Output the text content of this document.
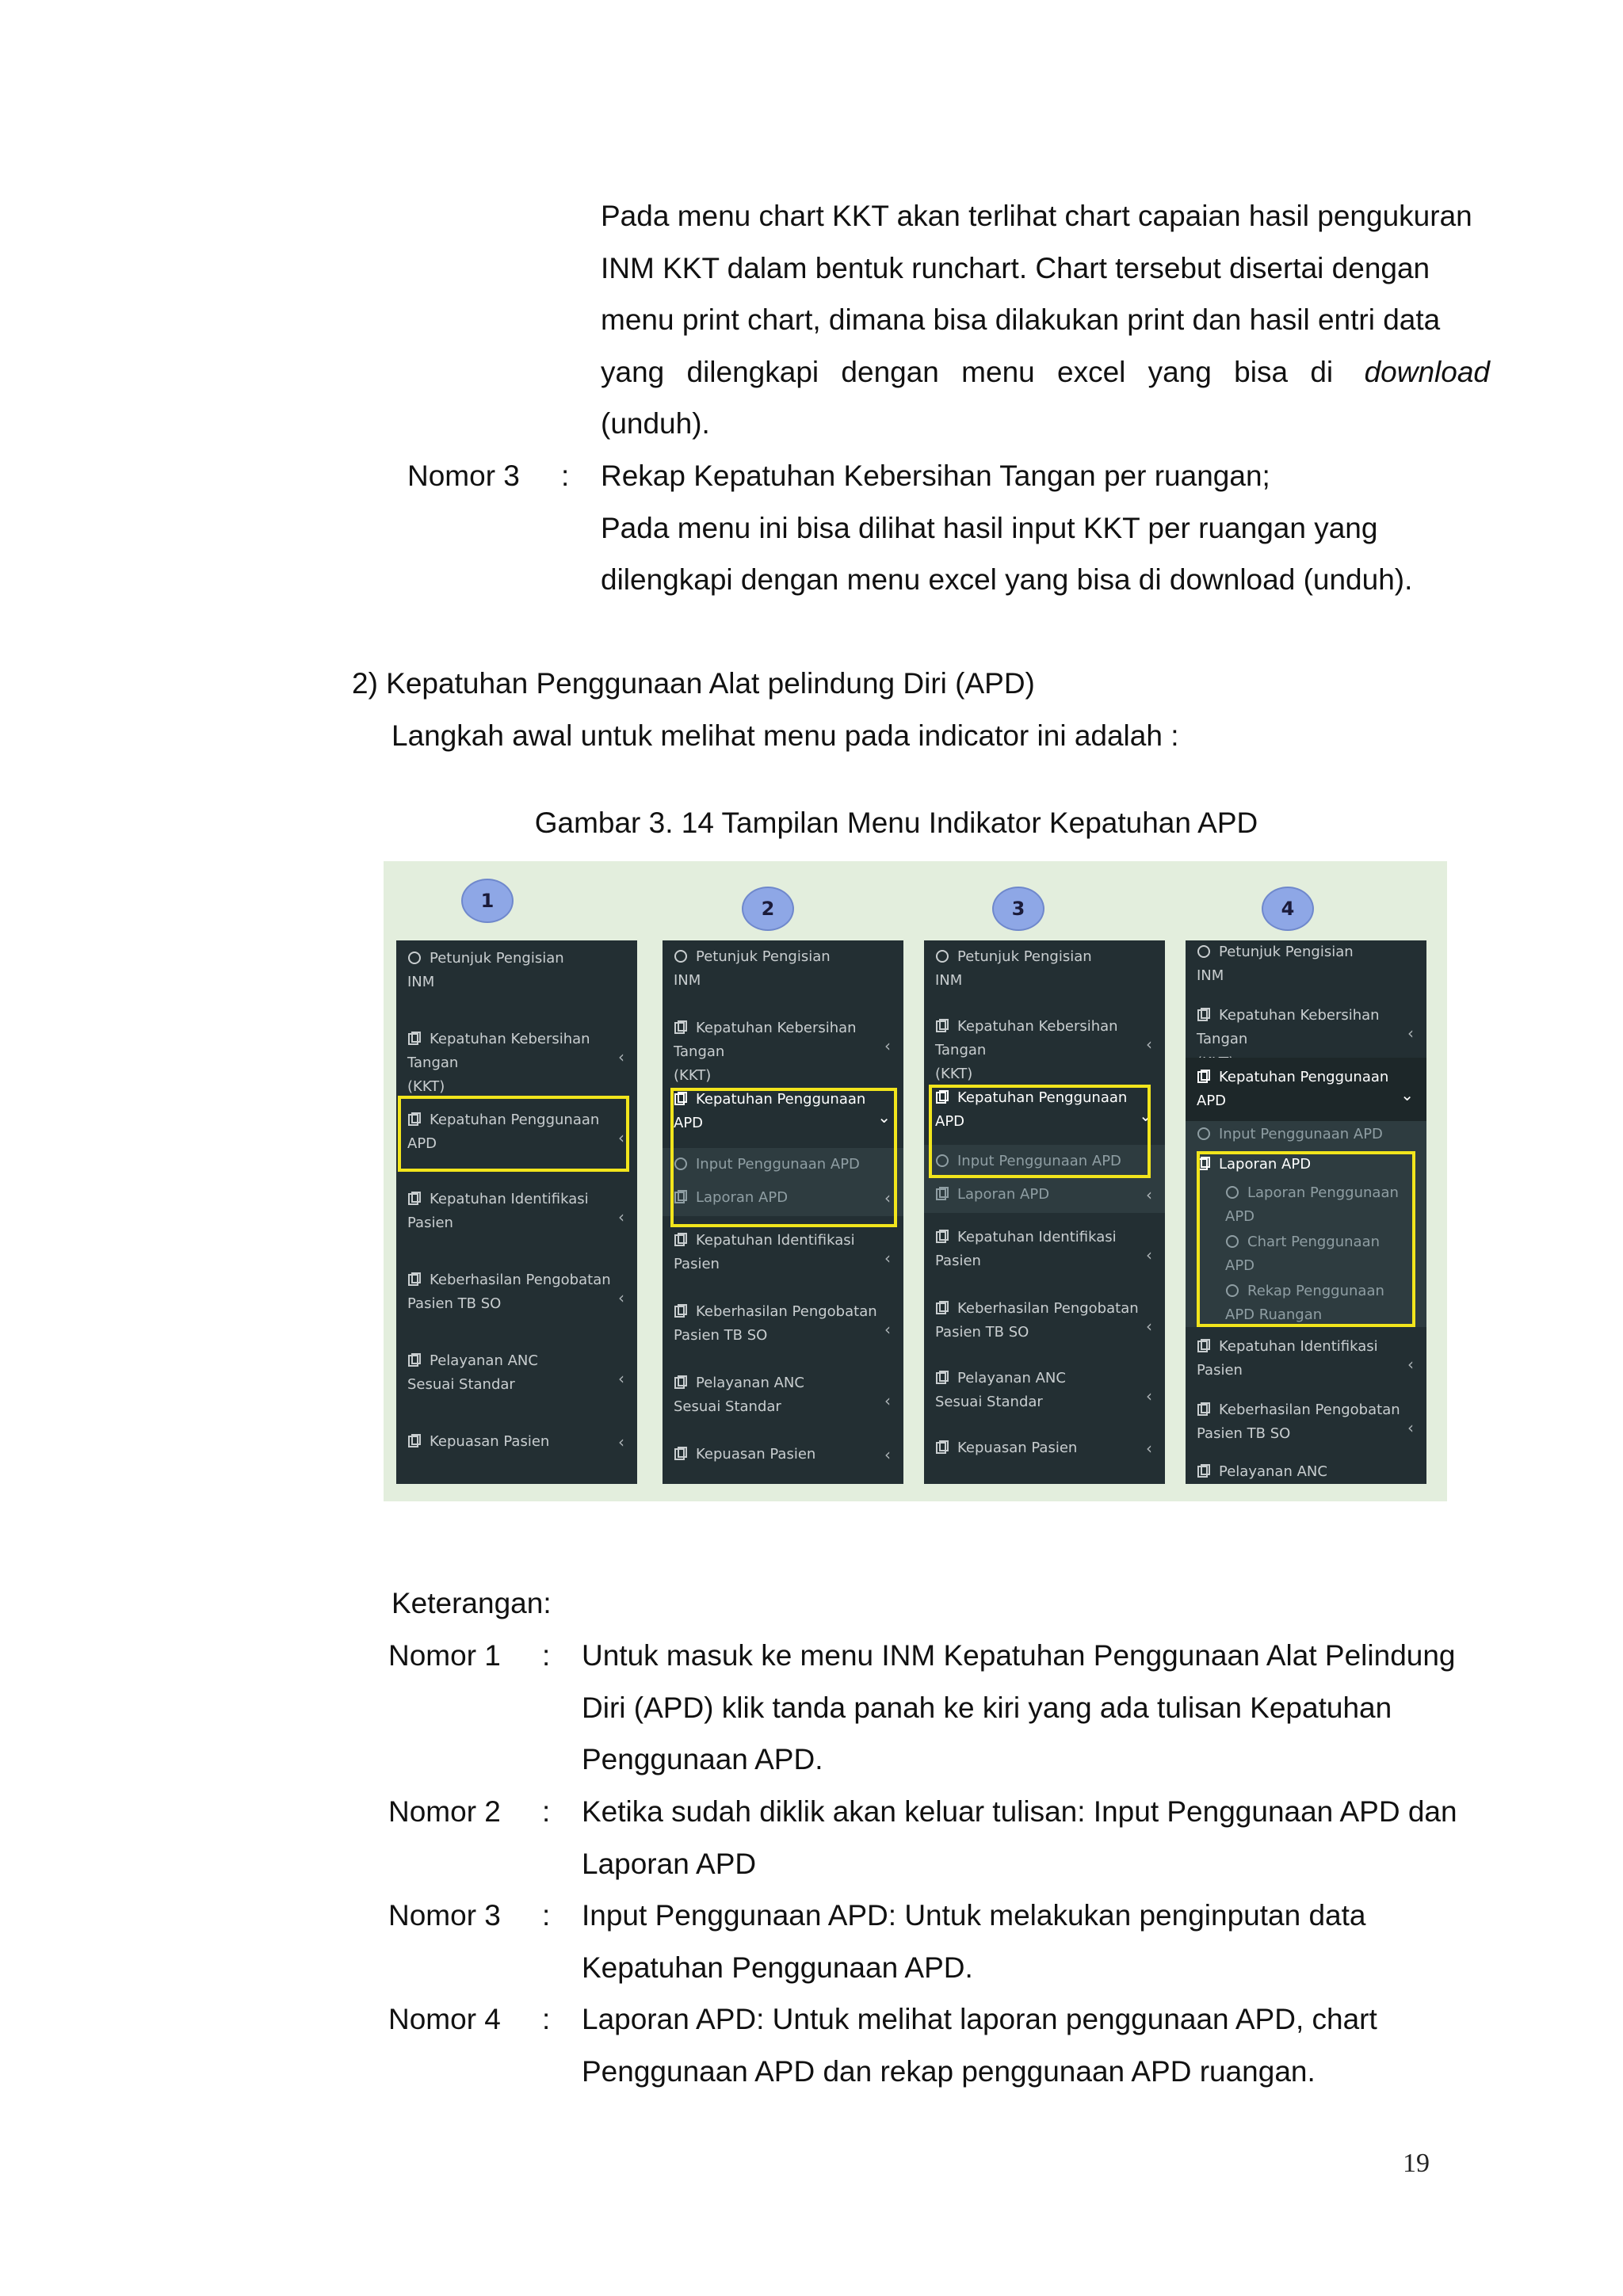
Pada menu chart KKT akan terlihat chart capaian hasil pengukuran
INM KKT dalam bentuk runchart. Chart tersebut disertai dengan
menu print chart, dimana bisa dilakukan print dan hasil entri data
yang dilengkapi dengan menu excel yang bisa di download
(unduh).
Nomor 3 : Rekap Kepatuhan Kebersihan Tangan per ruangan;
Pada menu ini bisa dilihat hasil input KKT per ruangan yang
dilengkapi dengan menu excel yang bisa di download (unduh).
2) Kepatuhan Penggunaan Alat pelindung Diri (APD)
Langkah awal untuk melihat menu pada indicator ini adalah :
Gambar 3. 14 Tampilan Menu Indikator Kepatuhan APD
1	2	3	4
Petunjuk Pengisian
INM
Kepatuhan Kebersihan Tangan
(KKT)
‹
Kepatuhan Penggunaan
APD	‹
Kepatuhan Identifikasi
Pasien	‹
Keberhasilan Pengobatan
Pasien TB SO	‹
Pelayanan ANC
Sesuai Standar	‹
Kepuasan Pasien	‹
Petunjuk Pengisian
INM
Kepatuhan Kebersihan Tangan
(KKT)
‹
Kepatuhan Penggunaan
APD	⌄
Input Penggunaan APD
Laporan APD	‹
Kepatuhan Identifikasi
Pasien	‹
Keberhasilan Pengobatan
Pasien TB SO	‹
Pelayanan ANC
Sesuai Standar	‹
Kepuasan Pasien	‹
Petunjuk Pengisian
INM
Kepatuhan Kebersihan Tangan
(KKT)
‹
Kepatuhan Penggunaan
APD	⌄
Input Penggunaan APD
Laporan APD	‹
Kepatuhan Identifikasi
Pasien	‹
Keberhasilan Pengobatan
Pasien TB SO	‹
Pelayanan ANC
Sesuai Standar	‹
Kepuasan Pasien	‹
Petunjuk Pengisian
INM
Kepatuhan Kebersihan Tangan	‹
Kepatuhan Penggunaan
APD	⌄
Input Penggunaan APD
Laporan APD
Laporan Penggunaan
APD
Chart Penggunaan
APD
Rekap Penggunaan
APD Ruangan
Kepatuhan Identifikasi
Pasien	‹
Keberhasilan Pengobatan
Pasien TB SO	‹
Pelayanan ANC
Keterangan:
Nomor 1 : Untuk masuk ke menu INM Kepatuhan Penggunaan Alat Pelindung
Diri (APD) klik tanda panah ke kiri yang ada tulisan Kepatuhan
Penggunaan APD.
Nomor 2 : Ketika sudah diklik akan keluar tulisan: Input Penggunaan APD dan
Laporan APD
Nomor 3 : Input Penggunaan APD: Untuk melakukan penginputan data
Kepatuhan Penggunaan APD.
Nomor 4 : Laporan APD: Untuk melihat laporan penggunaan APD, chart
Penggunaan APD dan rekap penggunaan APD ruangan.
19
